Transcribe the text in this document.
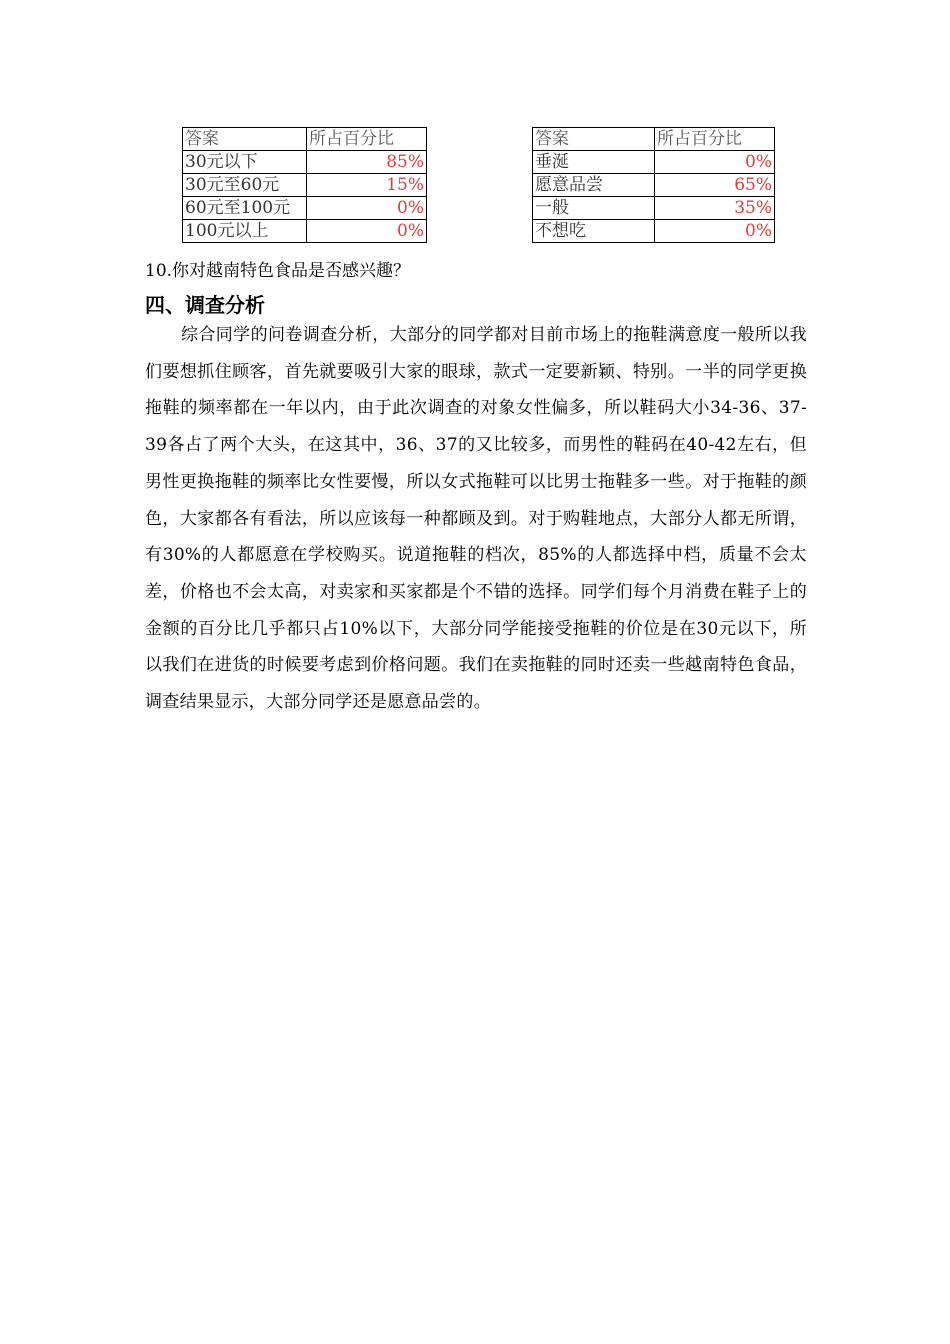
答案	所占百分比
30元以下	85%
30元至60元	15%
60元至100元	0%
100元以上	0%
答案	所占百分比
垂涎	0%
愿意品尝	65%
一般	35%
不想吃	0%
10.你对越南特色食品是否感兴趣？
四、调查分析

综合同学的问卷调查分析，大部分的同学都对目前市场上的拖鞋满意度一般所以我们要想抓住顾客，首先就要吸引大家的眼球，款式一定要新颖、特别。一半的同学更换拖鞋的频率都在一年以内，由于此次调查的对象女性偏多，所以鞋码大小34-36、37-39各占了两个大头，在这其中，36、37的又比较多，而男性的鞋码在40-42左右，但男性更换拖鞋的频率比女性要慢，所以女式拖鞋可以比男士拖鞋多一些。对于拖鞋的颜色，大家都各有看法，所以应该每一种都顾及到。对于购鞋地点，大部分人都无所谓，有30%的人都愿意在学校购买。说道拖鞋的档次，85%的人都选择中档，质量不会太差，价格也不会太高，对卖家和买家都是个不错的选择。同学们每个月消费在鞋子上的金额的百分比几乎都只占10%以下，大部分同学能接受拖鞋的价位是在30元以下，所以我们在进货的时候要考虑到价格问题。我们在卖拖鞋的同时还卖一些越南特色食品，调查结果显示，大部分同学还是愿意品尝的。
